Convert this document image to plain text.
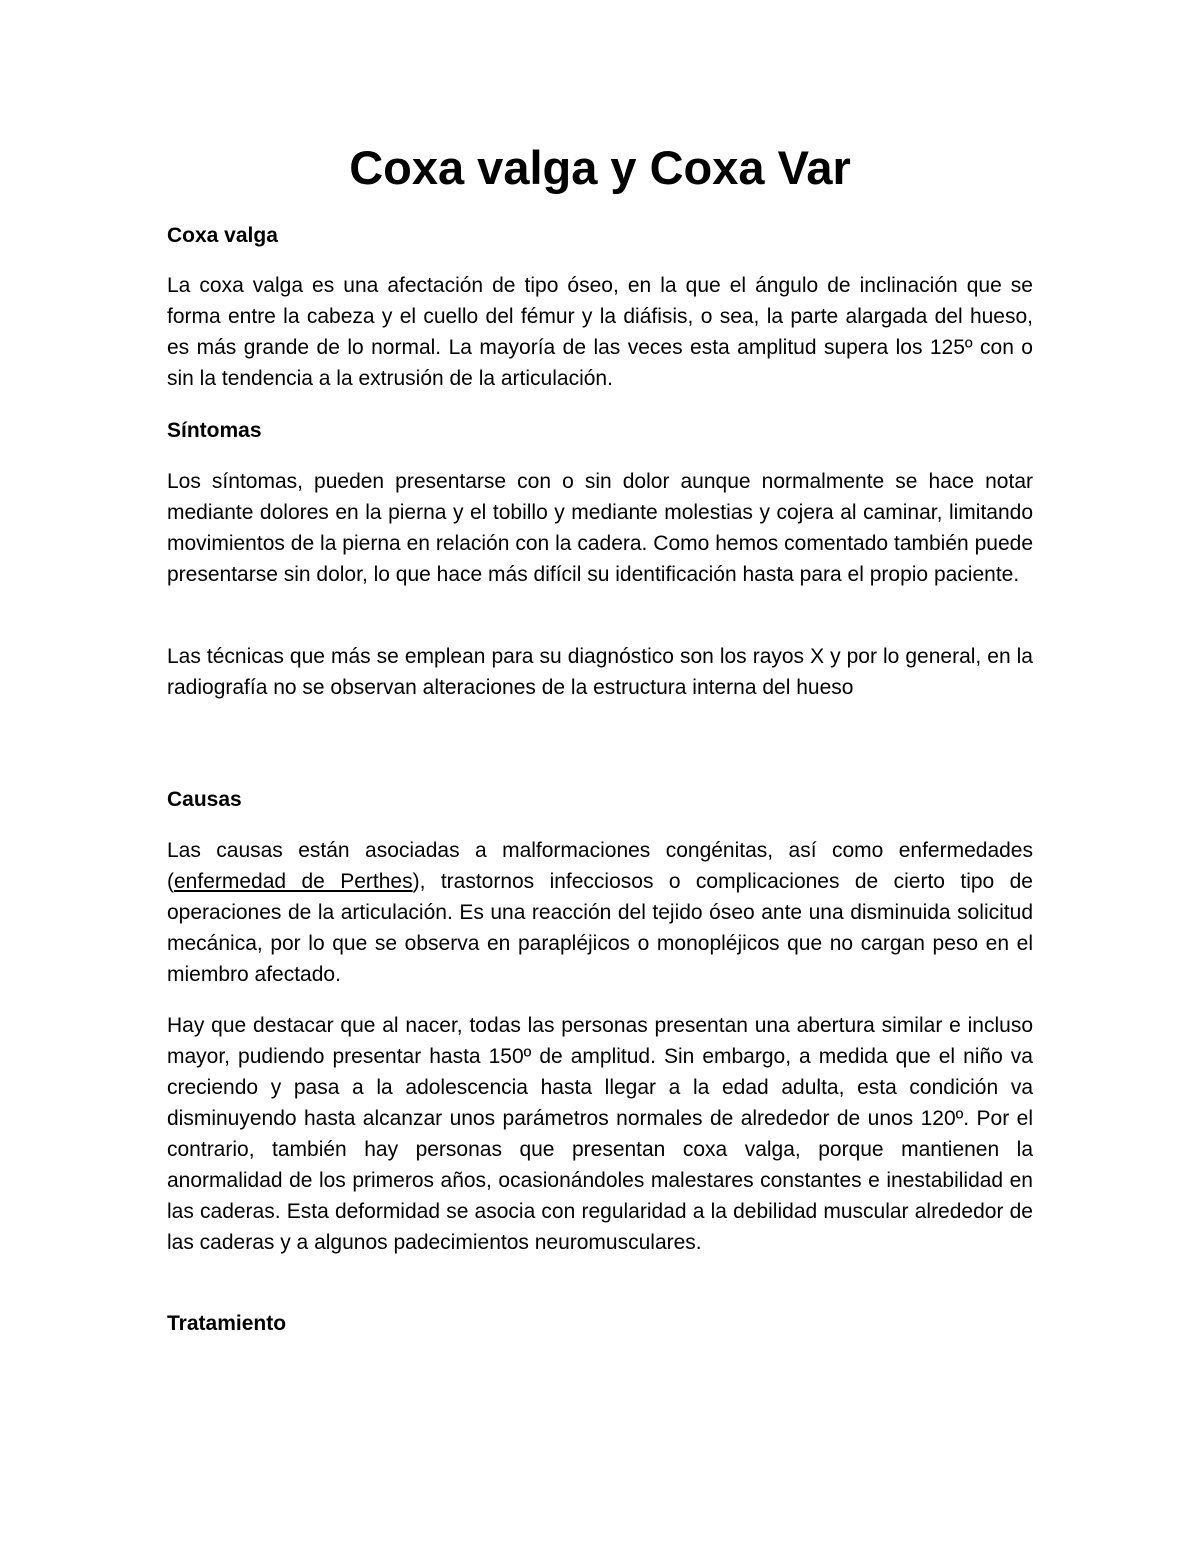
Coxa valga y Coxa Var
Coxa valga

La coxa valga es una afectación de tipo óseo, en la que el ángulo de inclinación que se forma entre la cabeza y el cuello del fémur y la diáfisis, o sea, la parte alargada del hueso, es más grande de lo normal. La mayoría de las veces esta amplitud supera los 125º con o sin la tendencia a la extrusión de la articulación.

Síntomas

Los síntomas, pueden presentarse con o sin dolor aunque normalmente se hace notar mediante dolores en la pierna y el tobillo y mediante molestias y cojera al caminar, limitando movimientos de la pierna en relación con la cadera. Como hemos comentado también puede presentarse sin dolor, lo que hace más difícil su identificación hasta para el propio paciente.

Las técnicas que más se emplean para su diagnóstico son los rayos X y por lo general, en la radiografía no se observan alteraciones de la estructura interna del hueso

Causas

Las causas están asociadas a malformaciones congénitas, así como enfermedades (enfermedad de Perthes), trastornos infecciosos o complicaciones de cierto tipo de operaciones de la articulación. Es una reacción del tejido óseo ante una disminuida solicitud mecánica, por lo que se observa en parapléjicos o monopléjicos que no cargan peso en el miembro afectado.

Hay que destacar que al nacer, todas las personas presentan una abertura similar e incluso mayor, pudiendo presentar hasta 150º de amplitud. Sin embargo, a medida que el niño va creciendo y pasa a la adolescencia hasta llegar a la edad adulta, esta condición va disminuyendo hasta alcanzar unos parámetros normales de alrededor de unos 120º. Por el contrario, también hay personas que presentan coxa valga, porque mantienen la anormalidad de los primeros años, ocasionándoles malestares constantes e inestabilidad en las caderas. Esta deformidad se asocia con regularidad a la debilidad muscular alrededor de las caderas y a algunos padecimientos neuromusculares.

Tratamiento
